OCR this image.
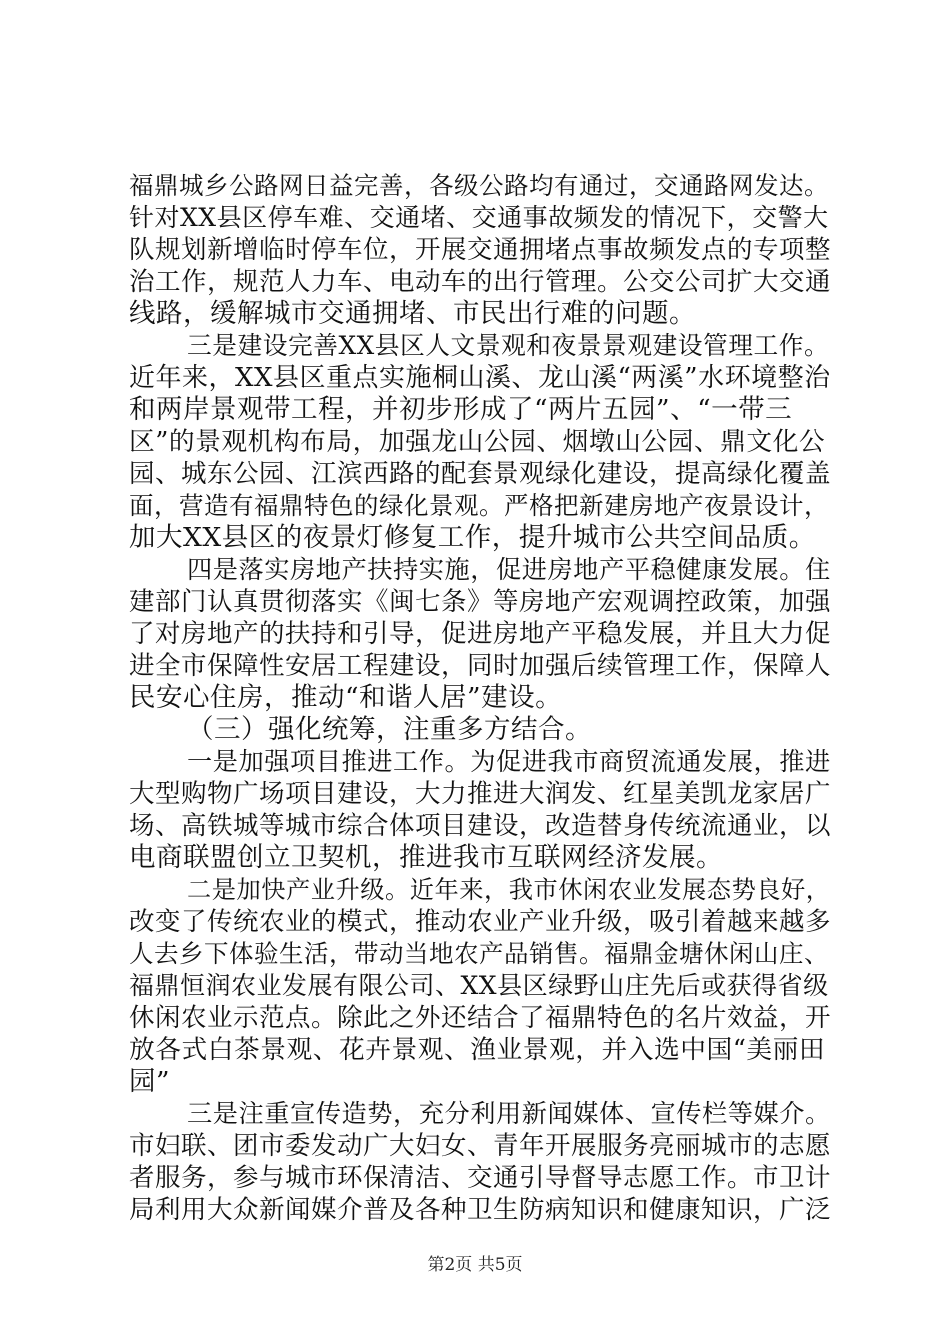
福鼎城乡公路网日益完善，各级公路均有通过，交通路网发达。
针对XX县区停车难、交通堵、交通事故频发的情况下，交警大
队规划新增临时停车位，开展交通拥堵点事故频发点的专项整
治工作，规范人力车、电动车的出行管理。公交公司扩大交通
线路，缓解城市交通拥堵、市民出行难的问题。
三是建设完善XX县区人文景观和夜景景观建设管理工作。
近年来，XX县区重点实施桐山溪、龙山溪“两溪”水环境整治
和两岸景观带工程，并初步形成了“两片五园”、“一带三
区”的景观机构布局，加强龙山公园、烟墩山公园、鼎文化公
园、城东公园、江滨西路的配套景观绿化建设，提高绿化覆盖
面，营造有福鼎特色的绿化景观。严格把新建房地产夜景设计，
加大XX县区的夜景灯修复工作，提升城市公共空间品质。
四是落实房地产扶持实施，促进房地产平稳健康发展。住
建部门认真贯彻落实《闽七条》等房地产宏观调控政策，加强
了对房地产的扶持和引导，促进房地产平稳发展，并且大力促
进全市保障性安居工程建设，同时加强后续管理工作，保障人
民安心住房，推动“和谐人居”建设。
（三）强化统筹，注重多方结合。
一是加强项目推进工作。为促进我市商贸流通发展，推进
大型购物广场项目建设，大力推进大润发、红星美凯龙家居广
场、高铁城等城市综合体项目建设，改造替身传统流通业，以
电商联盟创立卫契机，推进我市互联网经济发展。
二是加快产业升级。近年来，我市休闲农业发展态势良好，
改变了传统农业的模式，推动农业产业升级，吸引着越来越多
人去乡下体验生活，带动当地农产品销售。福鼎金塘休闲山庄、
福鼎恒润农业发展有限公司、XX县区绿野山庄先后或获得省级
休闲农业示范点。除此之外还结合了福鼎特色的名片效益，开
放各式白茶景观、花卉景观、渔业景观，并入选中国“美丽田
园”
三是注重宣传造势，充分利用新闻媒体、宣传栏等媒介。
市妇联、团市委发动广大妇女、青年开展服务亮丽城市的志愿
者服务，参与城市环保清洁、交通引导督导志愿工作。市卫计
局利用大众新闻媒介普及各种卫生防病知识和健康知识，广泛
第2页 共5页
